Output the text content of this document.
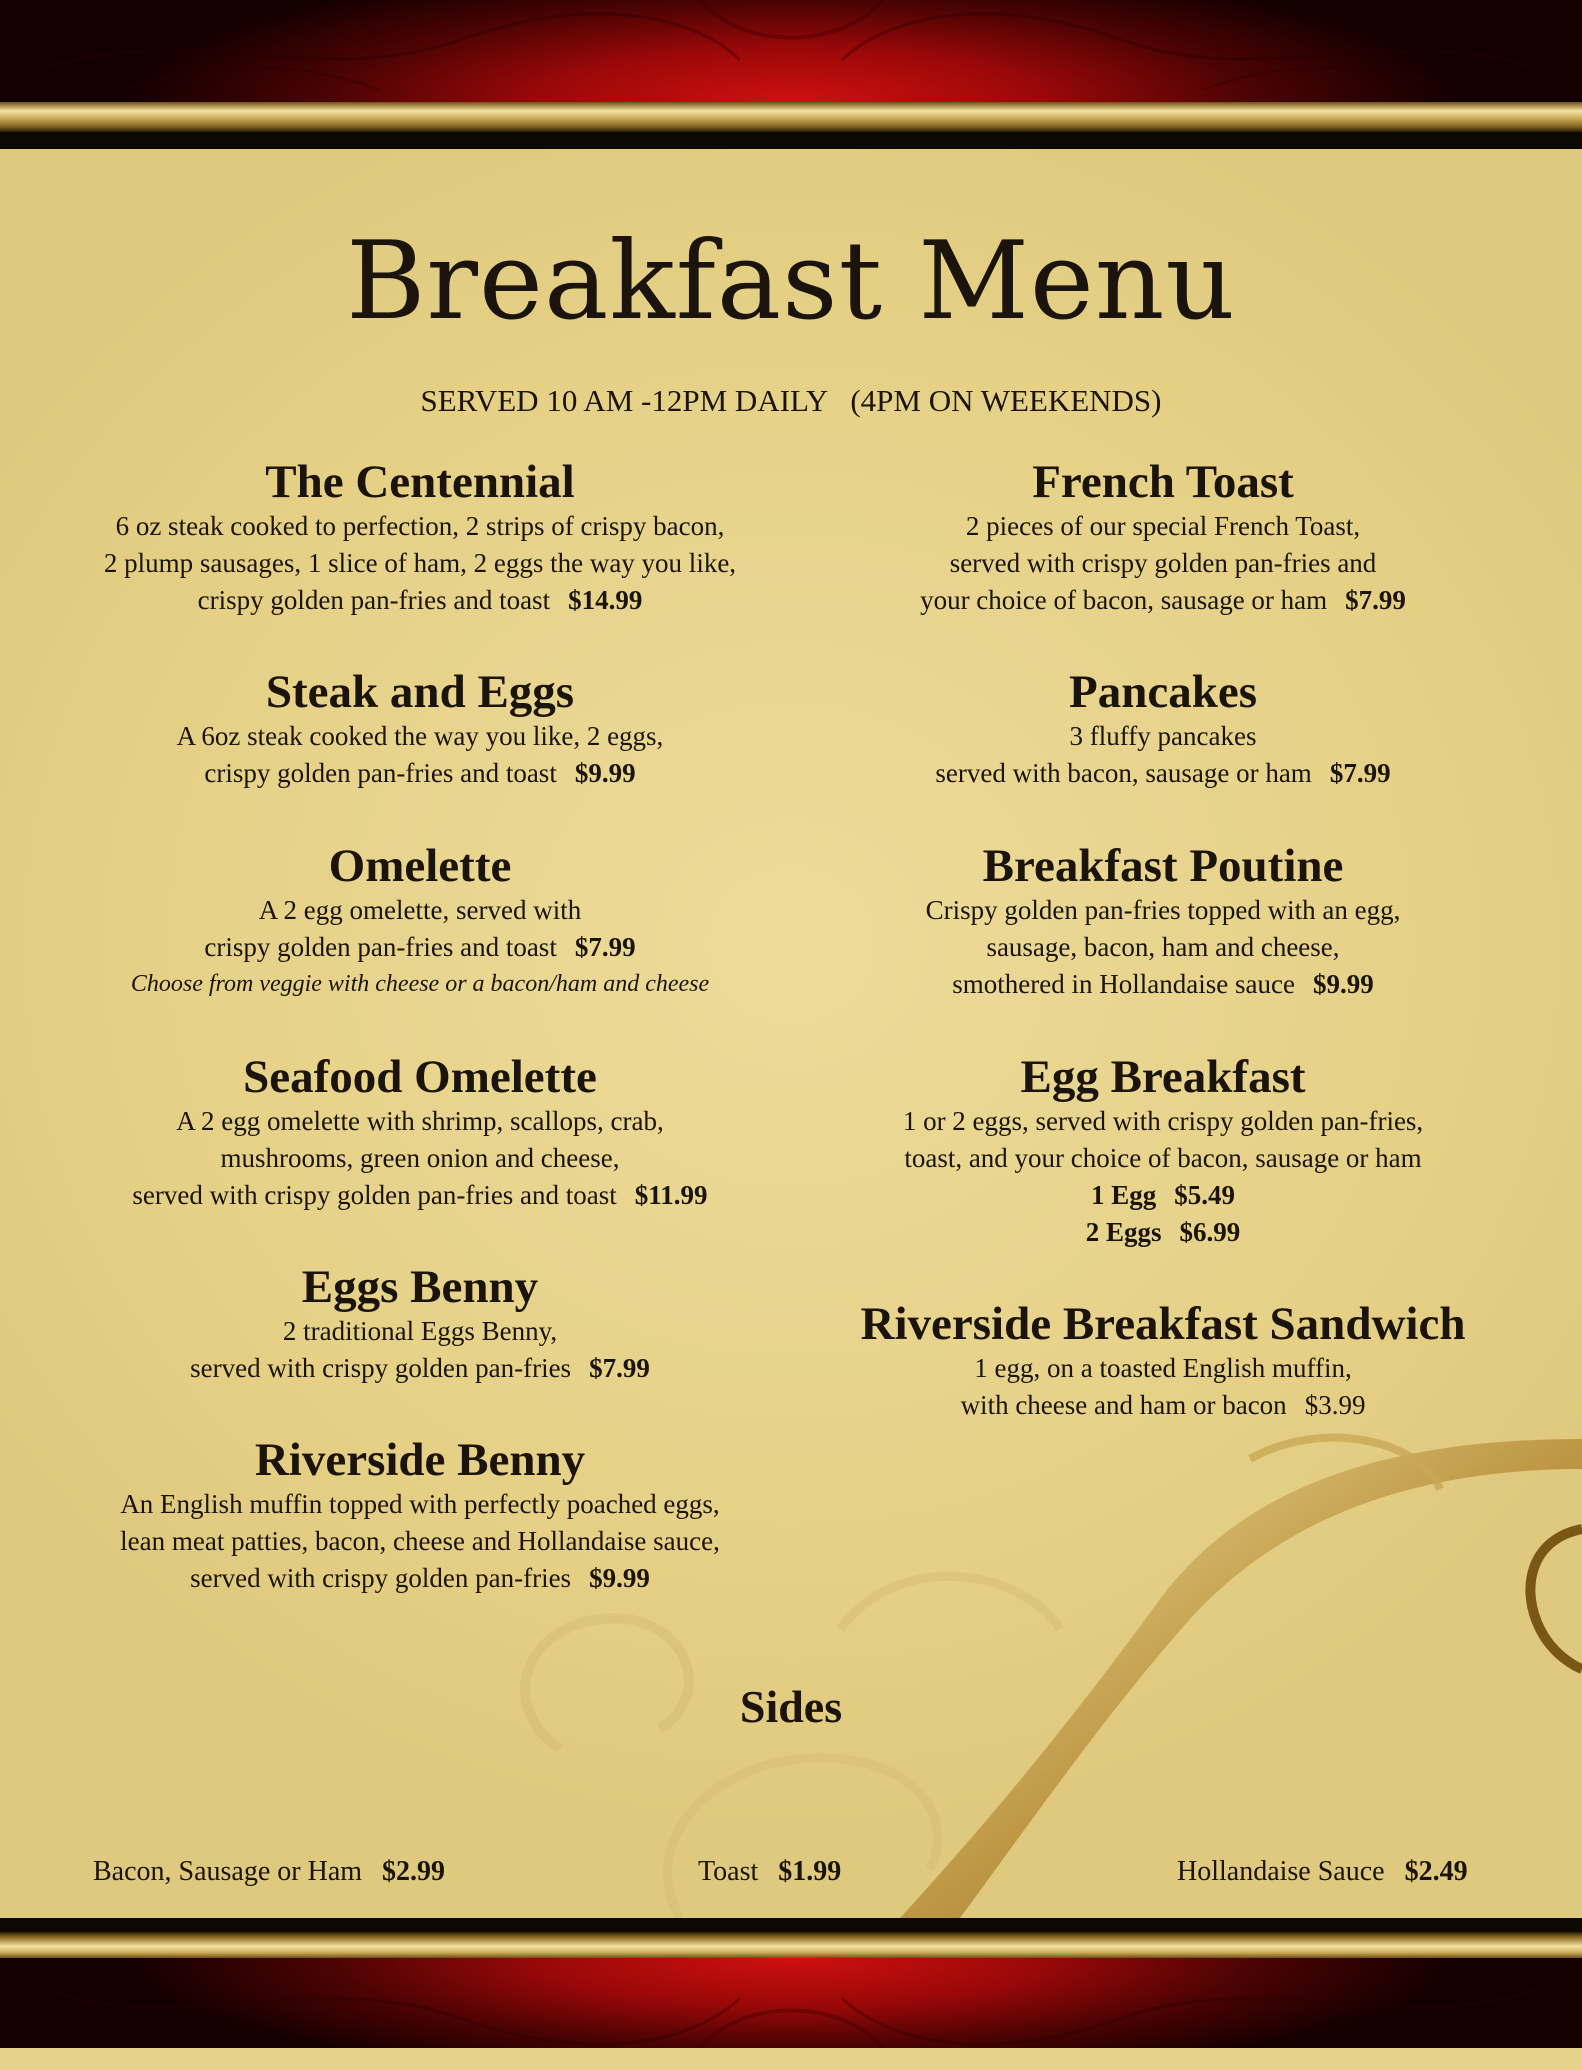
Breakfast Menu
SERVED 10 AM -12PM DAILY   (4PM ON WEEKENDS)
The Centennial
6 oz steak cooked to perfection, 2 strips of crispy bacon,
2 plump sausages, 1 slice of ham, 2 eggs the way you like,
crispy golden pan-fries and toast $14.99
Steak and Eggs
A 6oz steak cooked the way you like, 2 eggs,
crispy golden pan-fries and toast $9.99
Omelette
A 2 egg omelette, served with
crispy golden pan-fries and toast $7.99
Choose from veggie with cheese or a bacon/ham and cheese
Seafood Omelette
A 2 egg omelette with shrimp, scallops, crab,
mushrooms, green onion and cheese,
served with crispy golden pan-fries and toast $11.99
Eggs Benny
2 traditional Eggs Benny,
served with crispy golden pan-fries $7.99
Riverside Benny
An English muffin topped with perfectly poached eggs,
lean meat patties, bacon, cheese and Hollandaise sauce,
served with crispy golden pan-fries $9.99
French Toast
2 pieces of our special French Toast,
served with crispy golden pan-fries and
your choice of bacon, sausage or ham $7.99
Pancakes
3 fluffy pancakes
served with bacon, sausage or ham $7.99
Breakfast Poutine
Crispy golden pan-fries topped with an egg,
sausage, bacon, ham and cheese,
smothered in Hollandaise sauce $9.99
Egg Breakfast
1 or 2 eggs, served with crispy golden pan-fries,
toast, and your choice of bacon, sausage or ham
1 Egg $5.49
2 Eggs $6.99
Riverside Breakfast Sandwich
1 egg, on a toasted English muffin,
with cheese and ham or bacon $3.99
Sides

Bacon, Sausage or Ham $2.99

	Toast $1.99

	Hollandaise Sauce $2.49
